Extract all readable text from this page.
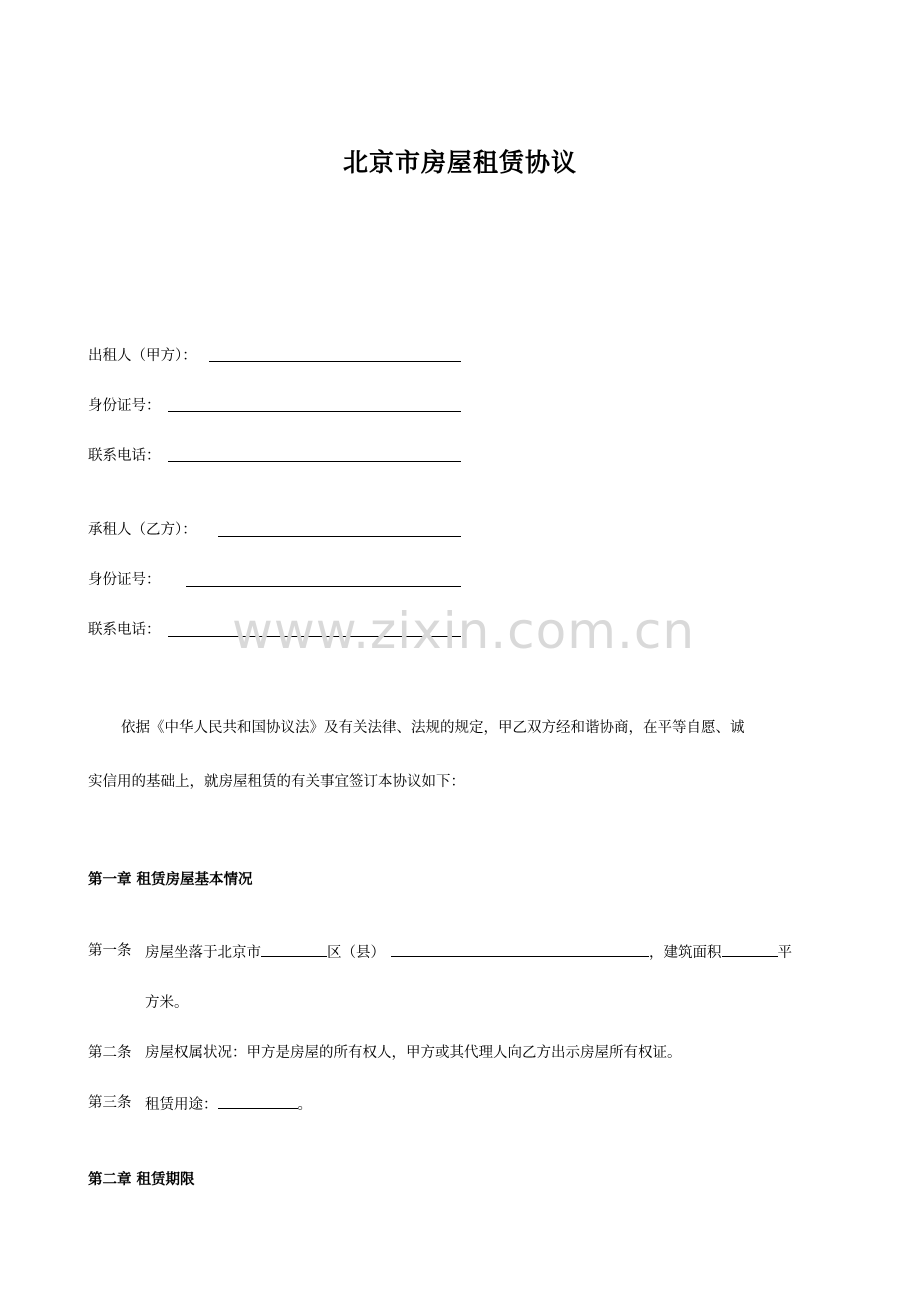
北京市房屋租赁协议
出租人（甲方）：
身份证号：
联系电话：
承租人（乙方）：
身份证号：
联系电话： www.zixin.com.cn
依据《中华人民共和国协议法》及有关法律、法规的规定，甲乙双方经和谐协商，在平等自愿、诚
实信用的基础上，就房屋租赁的有关事宜签订本协议如下：
第一章 租赁房屋基本情况
第一条 房屋坐落于北京市	区（县）	，建筑面积	平
方米。
第二条 房屋权属状况：甲方是房屋的所有权人，甲方或其代理人向乙方出示房屋所有权证。
第三条 租赁用途：	。
第二章 租赁期限
